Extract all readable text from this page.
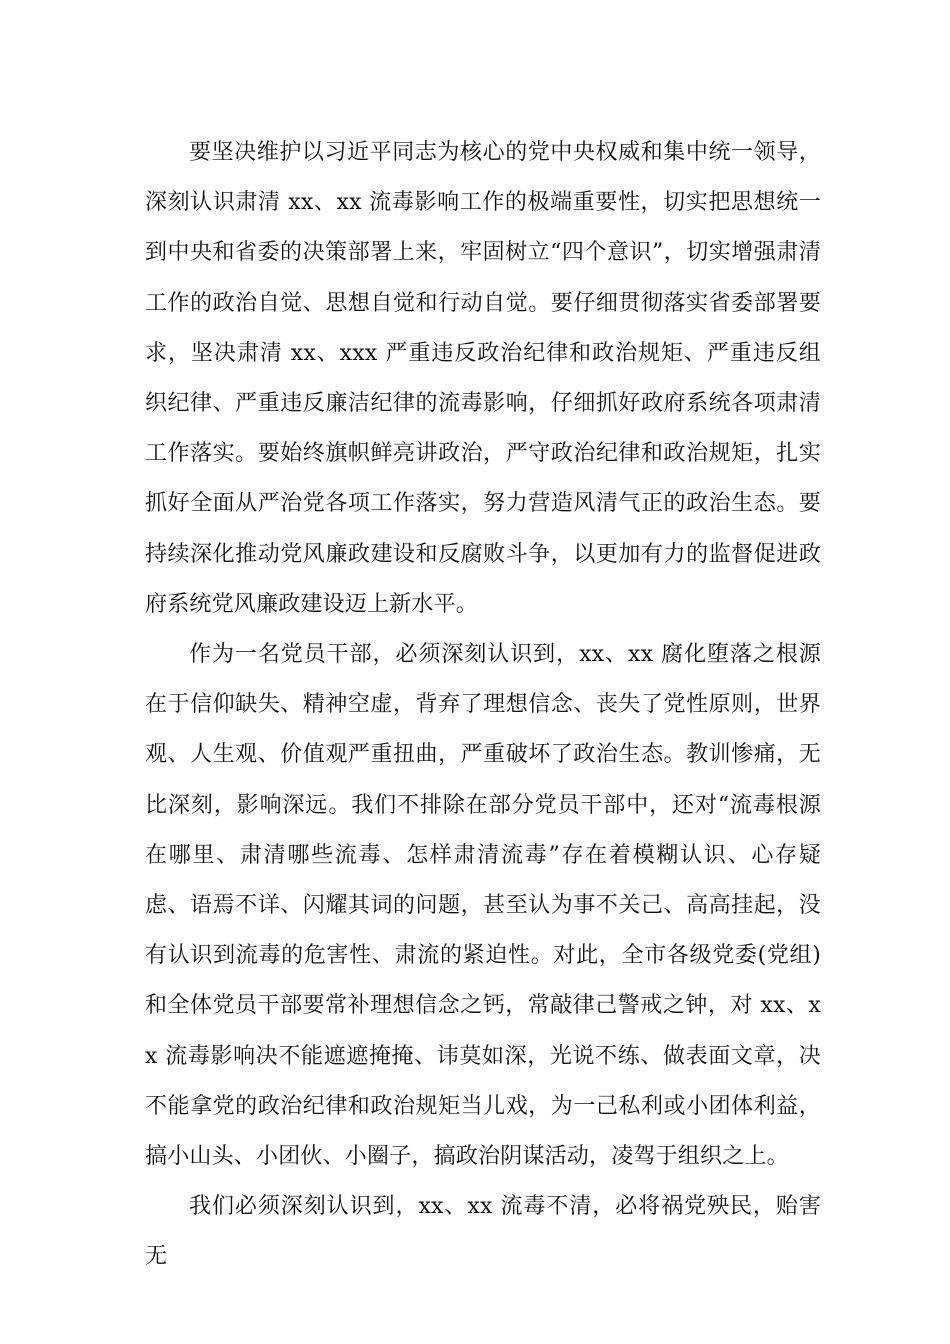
要坚决维护以习近平同志为核心的党中央权威和集中统一领导，深刻认识肃清 xx、xx 流毒影响工作的极端重要性，切实把思想统一到中央和省委的决策部署上来，牢固树立“四个意识”，切实增强肃清工作的政治自觉、思想自觉和行动自觉。要仔细贯彻落实省委部署要求，坚决肃清 xx、xxx 严重违反政治纪律和政治规矩、严重违反组织纪律、严重违反廉洁纪律的流毒影响，仔细抓好政府系统各项肃清工作落实。要始终旗帜鲜亮讲政治，严守政治纪律和政治规矩，扎实抓好全面从严治党各项工作落实，努力营造风清气正的政治生态。要持续深化推动党风廉政建设和反腐败斗争，以更加有力的监督促进政府系统党风廉政建设迈上新水平。

作为一名党员干部，必须深刻认识到，xx、xx 腐化堕落之根源在于信仰缺失、精神空虚，背弃了理想信念、丧失了党性原则，世界观、人生观、价值观严重扭曲，严重破坏了政治生态。教训惨痛，无比深刻，影响深远。我们不排除在部分党员干部中，还对“流毒根源在哪里、肃清哪些流毒、怎样肃清流毒”存在着模糊认识、心存疑虑、语焉不详、闪耀其词的问题，甚至认为事不关己、高高挂起，没有认识到流毒的危害性、肃流的紧迫性。对此，全市各级党委(党组)和全体党员干部要常补理想信念之钙，常敲律己警戒之钟，对 xx、xx 流毒影响决不能遮遮掩掩、讳莫如深，光说不练、做表面文章，决不能拿党的政治纪律和政治规矩当儿戏，为一己私利或小团体利益，搞小山头、小团伙、小圈子，搞政治阴谋活动，凌驾于组织之上。

我们必须深刻认识到，xx、xx 流毒不清，必将祸党殃民，贻害无
